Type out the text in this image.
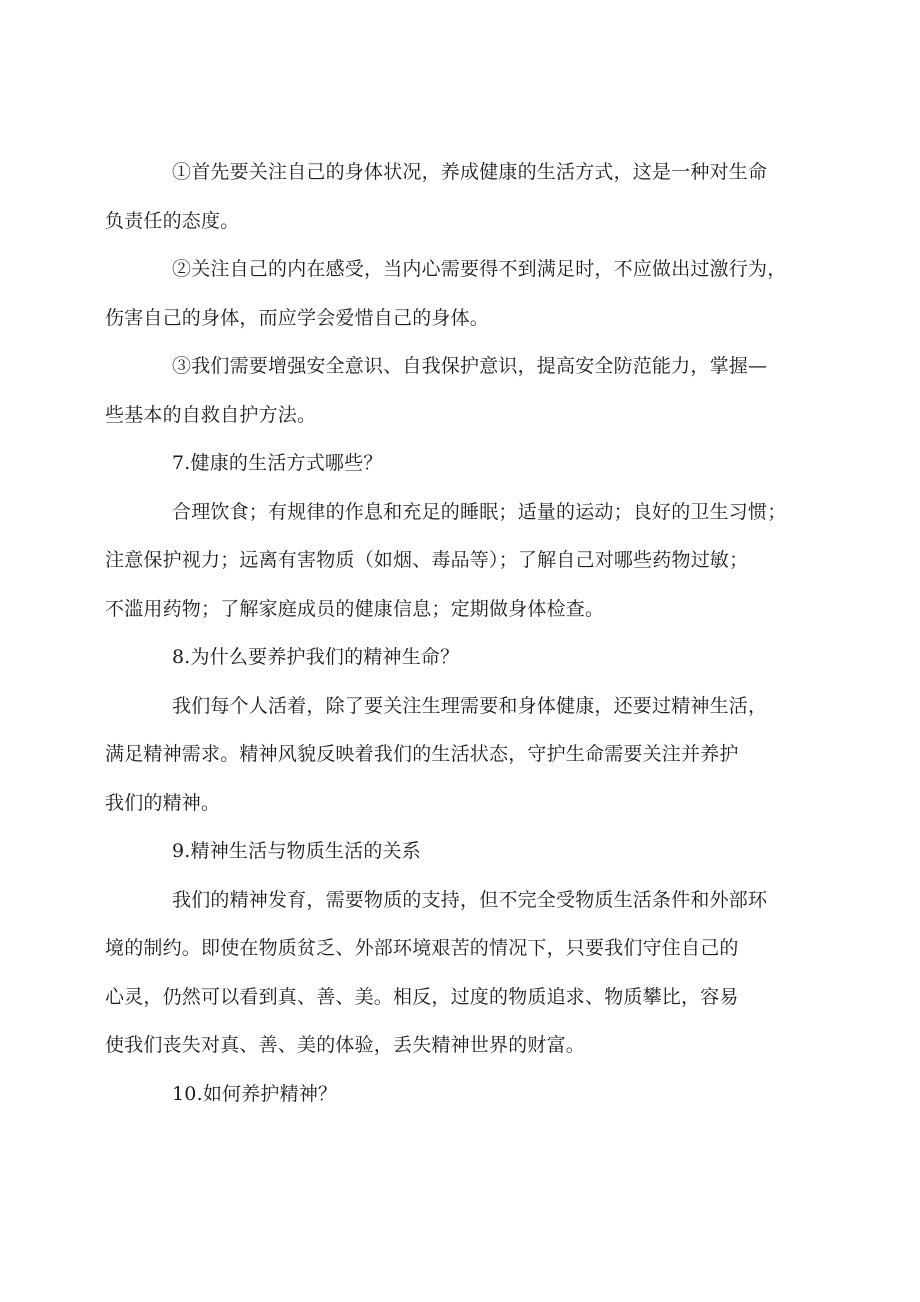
①首先要关注自己的身体状况，养成健康的生活方式，这是一种对生命
负责任的态度。
②关注自己的内在感受，当内心需要得不到满足时，不应做出过激行为，
伤害自己的身体，而应学会爱惜自己的身体。
③我们需要增强安全意识、自我保护意识，提高安全防范能力，掌握—
些基本的自救自护方法。
7.健康的生活方式哪些？
合理饮食；有规律的作息和充足的睡眠；适量的运动；良好的卫生习惯；
注意保护视力；远离有害物质（如烟、毒品等）；了解自己对哪些药物过敏；
不滥用药物；了解家庭成员的健康信息；定期做身体检查。
8.为什么要养护我们的精神生命？
我们每个人活着，除了要关注生理需要和身体健康，还要过精神生活，
满足精神需求。精神风貌反映着我们的生活状态，守护生命需要关注并养护
我们的精神。
9.精神生活与物质生活的关系
我们的精神发育，需要物质的支持，但不完全受物质生活条件和外部环
境的制约。即使在物质贫乏、外部环境艰苦的情况下，只要我们守住自己的
心灵，仍然可以看到真、善、美。相反，过度的物质追求、物质攀比，容易
使我们丧失对真、善、美的体验，丢失精神世界的财富。
10.如何养护精神？
